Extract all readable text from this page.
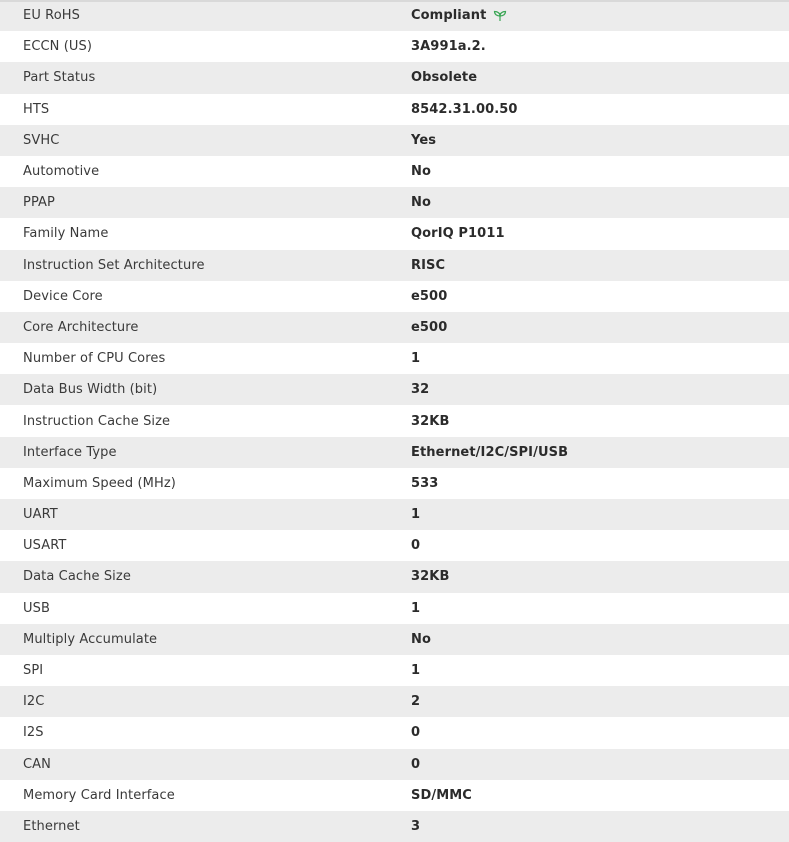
EU RoHS	Compliant

ECCN (US)	3A991a.2.

Part Status	Obsolete

HTS	8542.31.00.50

SVHC	Yes

Automotive	No

PPAP	No

Family Name	QorIQ P1011

Instruction Set Architecture	RISC

Device Core	e500

Core Architecture	e500

Number of CPU Cores	1

Data Bus Width (bit)	32

Instruction Cache Size	32KB

Interface Type	Ethernet/I2C/SPI/USB

Maximum Speed (MHz)	533

UART	1

USART	0

Data Cache Size	32KB

USB	1

Multiply Accumulate	No

SPI	1

I2C	2

I2S	0

CAN	0

Memory Card Interface	SD/MMC

Ethernet	3
